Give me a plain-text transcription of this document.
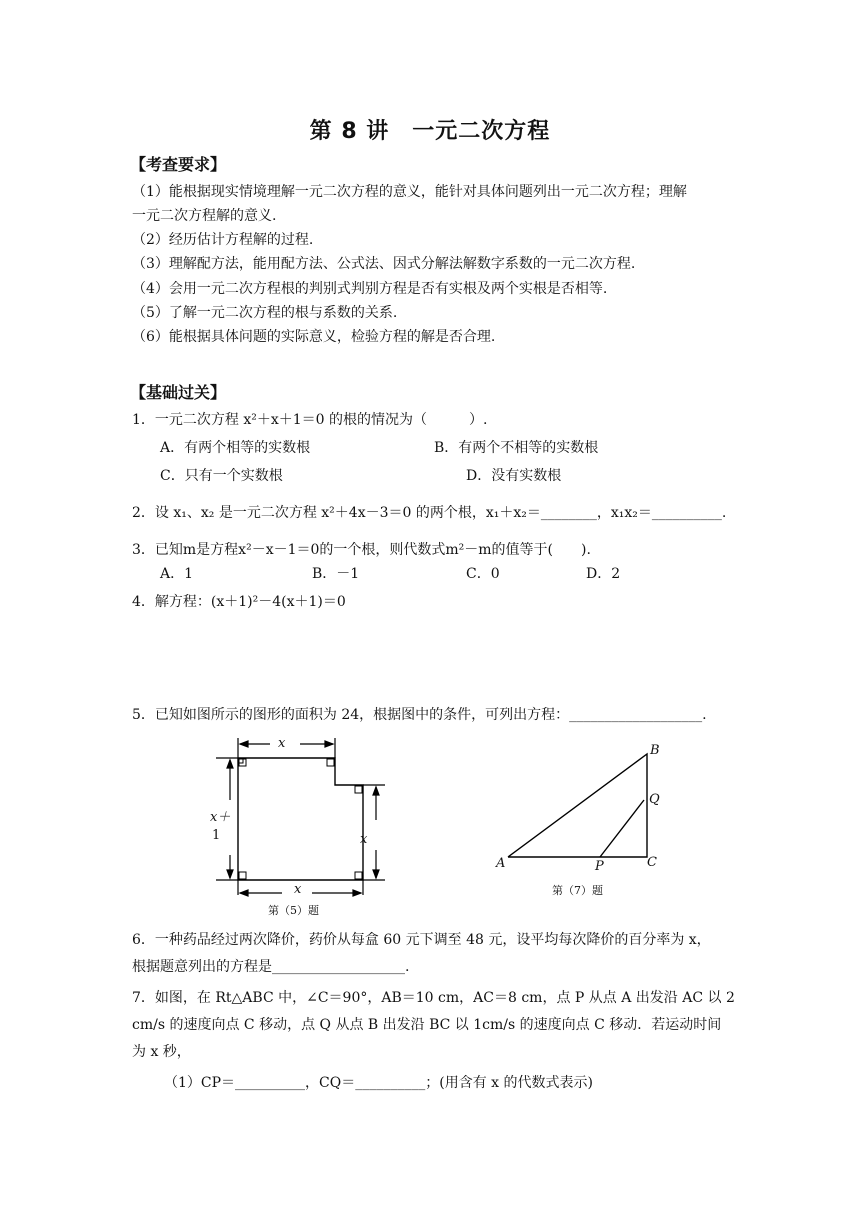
第 8 讲　一元二次方程
【考查要求】
（1）能根据现实情境理解一元二次方程的意义，能针对具体问题列出一元二次方程；理解
一元二次方程解的意义.
（2）经历估计方程解的过程.
（3）理解配方法，能用配方法、公式法、因式分解法解数字系数的一元二次方程.
（4）会用一元二次方程根的判别式判别方程是否有实根及两个实根是否相等.
（5）了解一元二次方程的根与系数的关系.
（6）能根据具体问题的实际意义，检验方程的解是否合理.
【基础过关】
1．一元二次方程 x²＋x＋1＝0 的根的情况为（　　　）.
A．有两个相等的实数根	B．有两个不相等的实数根
C．只有一个实数根	D．没有实数根
2．设 x₁、x₂ 是一元二次方程 x²＋4x－3＝0 的两个根，x₁＋x₂＝________，x₁x₂＝__________.
3．已知m是方程x²－x－1＝0的一个根，则代数式m²－m的值等于(　　).
A．1	B．－1	C．0	D．2
4．解方程：(x＋1)²－4(x＋1)＝0
5．已知如图所示的图形的面积为 24，根据图中的条件，可列出方程：___________________.
x
x＋
1	x
x
第（5）题
A
B
C
P
Q
第（7）题
6．一种药品经过两次降价，药价从每盒 60 元下调至 48 元，设平均每次降价的百分率为 x，
根据题意列出的方程是___________________.
7．如图，在 Rt△ABC 中，∠C＝90°，AB＝10 cm，AC＝8 cm，点 P 从点 A 出发沿 AC 以 2
cm/s 的速度向点 C 移动，点 Q 从点 B 出发沿 BC 以 1cm/s 的速度向点 C 移动．若运动时间
为 x 秒，
（1）CP＝__________，CQ＝__________；(用含有 x 的代数式表示)
